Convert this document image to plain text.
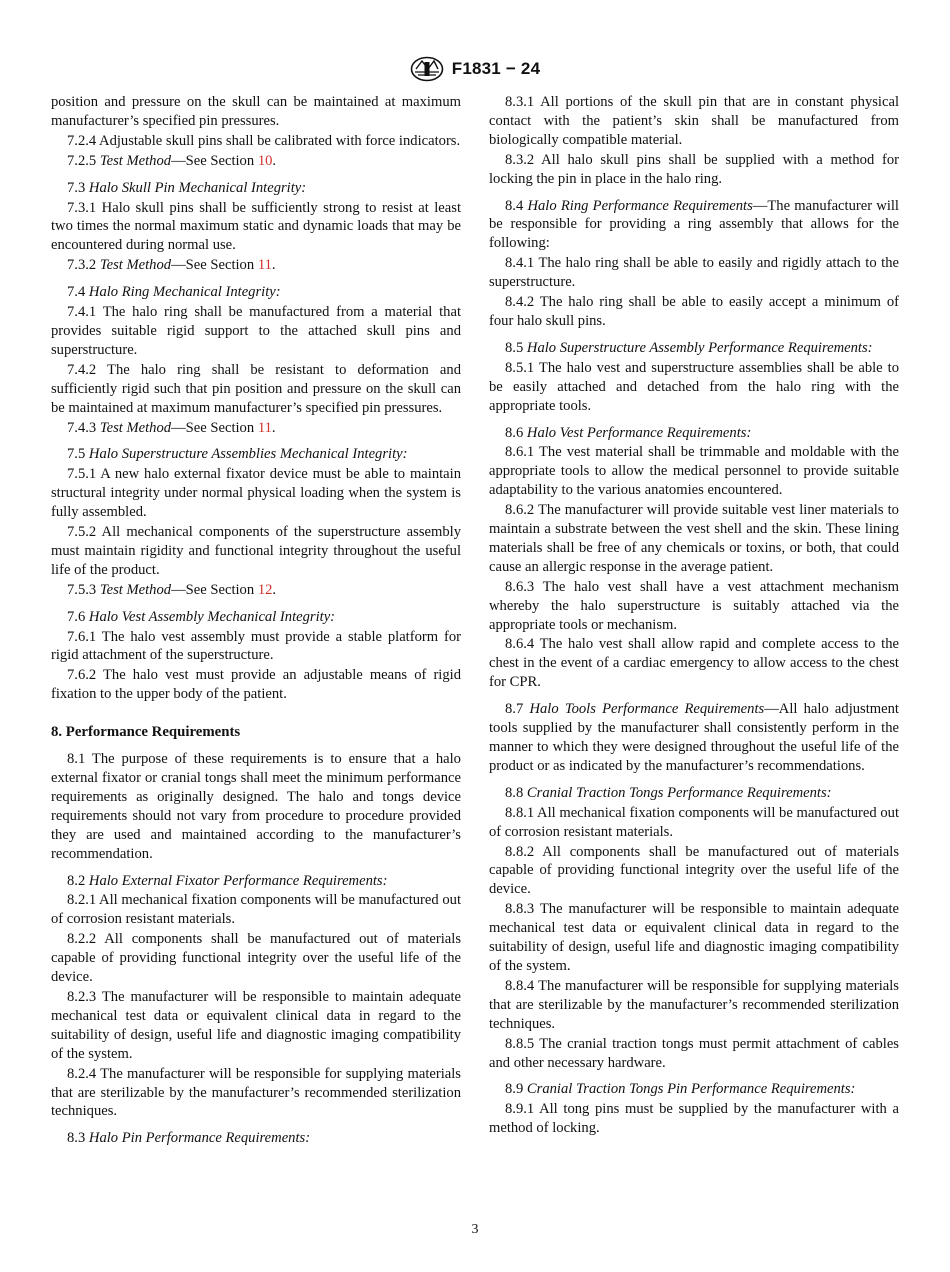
F1831 − 24

position and pressure on the skull can be maintained at maximum manufacturer’s specified pin pressures.

7.2.4 Adjustable skull pins shall be calibrated with force indicators.

7.2.5 Test Method—See Section 10.

7.3 Halo Skull Pin Mechanical Integrity:

7.3.1 Halo skull pins shall be sufficiently strong to resist at least two times the normal maximum static and dynamic loads that may be encountered during normal use.

7.3.2 Test Method—See Section 11.

7.4 Halo Ring Mechanical Integrity:

7.4.1 The halo ring shall be manufactured from a material that provides suitable rigid support to the attached skull pins and superstructure.

7.4.2 The halo ring shall be resistant to deformation and sufficiently rigid such that pin position and pressure on the skull can be maintained at maximum manufacturer’s specified pin pressures.

7.4.3 Test Method—See Section 11.

7.5 Halo Superstructure Assemblies Mechanical Integrity:

7.5.1 A new halo external fixator device must be able to maintain structural integrity under normal physical loading when the system is fully assembled.

7.5.2 All mechanical components of the superstructure assembly must maintain rigidity and functional integrity throughout the useful life of the product.

7.5.3 Test Method—See Section 12.

7.6 Halo Vest Assembly Mechanical Integrity:

7.6.1 The halo vest assembly must provide a stable platform for rigid attachment of the superstructure.

7.6.2 The halo vest must provide an adjustable means of rigid fixation to the upper body of the patient.

8. Performance Requirements

8.1 The purpose of these requirements is to ensure that a halo external fixator or cranial tongs shall meet the minimum performance requirements as originally designed. The halo and tongs device requirements should not vary from procedure to procedure provided they are used and maintained according to the manufacturer’s recommendation.

8.2 Halo External Fixator Performance Requirements:

8.2.1 All mechanical fixation components will be manufactured out of corrosion resistant materials.

8.2.2 All components shall be manufactured out of materials capable of providing functional integrity over the useful life of the device.

8.2.3 The manufacturer will be responsible to maintain adequate mechanical test data or equivalent clinical data in regard to the suitability of design, useful life and diagnostic imaging compatibility of the system.

8.2.4 The manufacturer will be responsible for supplying materials that are sterilizable by the manufacturer’s recommended sterilization techniques.

8.3 Halo Pin Performance Requirements:

8.3.1 All portions of the skull pin that are in constant physical contact with the patient’s skin shall be manufactured from biologically compatible material.

8.3.2 All halo skull pins shall be supplied with a method for locking the pin in place in the halo ring.

8.4 Halo Ring Performance Requirements—The manufacturer will be responsible for providing a ring assembly that allows for the following:

8.4.1 The halo ring shall be able to easily and rigidly attach to the superstructure.

8.4.2 The halo ring shall be able to easily accept a minimum of four halo skull pins.

8.5 Halo Superstructure Assembly Performance Requirements:

8.5.1 The halo vest and superstructure assemblies shall be able to be easily attached and detached from the halo ring with the appropriate tools.

8.6 Halo Vest Performance Requirements:

8.6.1 The vest material shall be trimmable and moldable with the appropriate tools to allow the medical personnel to provide suitable adaptability to the various anatomies encountered.

8.6.2 The manufacturer will provide suitable vest liner materials to maintain a substrate between the vest shell and the skin. These lining materials shall be free of any chemicals or toxins, or both, that could cause an allergic response in the average patient.

8.6.3 The halo vest shall have a vest attachment mechanism whereby the halo superstructure is suitably attached via the appropriate tools or mechanism.

8.6.4 The halo vest shall allow rapid and complete access to the chest in the event of a cardiac emergency to allow access to the chest for CPR.

8.7 Halo Tools Performance Requirements—All halo adjustment tools supplied by the manufacturer shall consistently perform in the manner to which they were designed throughout the useful life of the product or as indicated by the manufacturer’s recommendations.

8.8 Cranial Traction Tongs Performance Requirements:

8.8.1 All mechanical fixation components will be manufactured out of corrosion resistant materials.

8.8.2 All components shall be manufactured out of materials capable of providing functional integrity over the useful life of the device.

8.8.3 The manufacturer will be responsible to maintain adequate mechanical test data or equivalent clinical data in regard to the suitability of design, useful life and diagnostic imaging compatibility of the system.

8.8.4 The manufacturer will be responsible for supplying materials that are sterilizable by the manufacturer’s recommended sterilization techniques.

8.8.5 The cranial traction tongs must permit attachment of cables and other necessary hardware.

8.9 Cranial Traction Tongs Pin Performance Requirements:

8.9.1 All tong pins must be supplied by the manufacturer with a method of locking.

3
